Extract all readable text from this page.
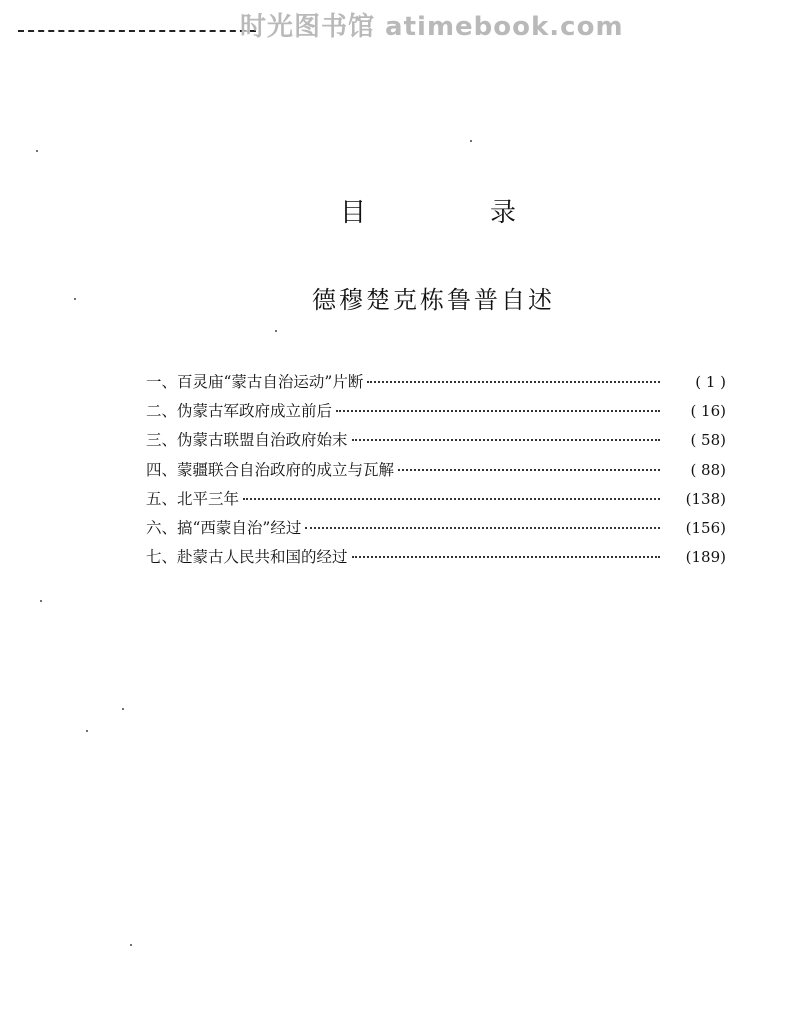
时光图书馆 atimebook.com
目	录
德穆楚克栋鲁普自述
一、百灵庙“蒙古自治运动”片断	( 1 )
二、伪蒙古军政府成立前后	( 16)
三、伪蒙古联盟自治政府始末	( 58)
四、蒙疆联合自治政府的成立与瓦解	( 88)
五、北平三年	(138)
六、搞“西蒙自治”经过	(156)
七、赴蒙古人民共和国的经过	(189)
